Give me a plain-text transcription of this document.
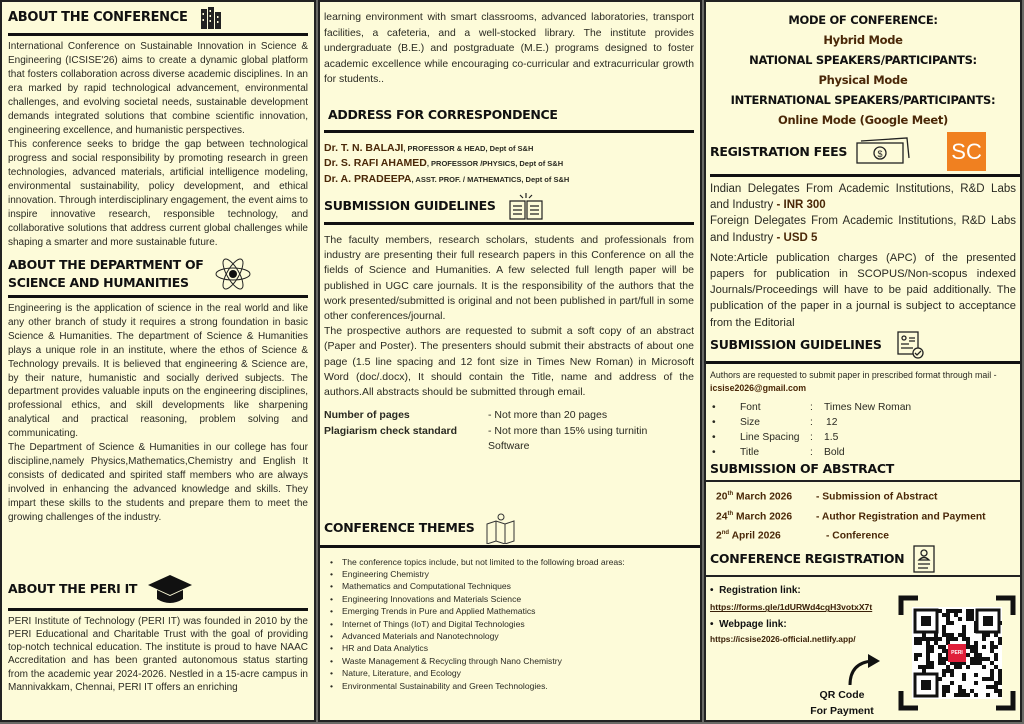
ABOUT THE CONFERENCE
International Conference on Sustainable Innovation in Science & Engineering (ICSISE'26) aims to create a dynamic global platform that fosters collaboration across diverse academic disciplines. In an era marked by rapid technological advancement, environmental challenges, and evolving societal needs, sustainable development demands integrated solutions that combine scientific innovation, engineering excellence, and humanistic perspectives.
This conference seeks to bridge the gap between technological progress and social responsibility by promoting research in green technologies, advanced materials, artificial intelligence modeling, environmental sustainability, policy development, and ethical innovation. Through interdisciplinary engagement, the event aims to inspire innovative research, responsible technology, and collaborative solutions that address current global challenges while shaping a smarter and more sustainable future.
ABOUT THE DEPARTMENT OF
SCIENCE AND HUMANITIES
Engineering is the application of science in the real world and like any other branch of study it requires a strong foundation in basic Science & Humanities. The department of Science & Humanities plays a unique role in an institute, where the ethos of Science & Technology prevails. It is believed that engineering & Science are, by their nature, humanistic and socially derived subjects. The department provides valuable inputs on the engineering disciplines, professional ethics, and skill developments like sharpening analytical and practical reasoning, problem solving and communicating.
The Department of Science & Humanities in our college has four discipline,namely Physics,Mathematics,Chemistry and English It consists of dedicated and spirited staff members who are always involved in enhancing the advanced knowledge and skills. They impart these skills to the students and prepare them to meet the growing challenges of the industry.
ABOUT THE PERI IT
PERI Institute of Technology (PERI IT) was founded in 2010 by the PERI Educational and Charitable Trust with the goal of providing top-notch technical education. The institute is proud to have NAAC Accreditation and has been granted autonomous status starting from the academic year 2024-2026. Nestled in a 15-acre campus in Mannivakkam, Chennai, PERI IT offers an enriching
learning environment with smart classrooms, advanced laboratories, transport facilities, a cafeteria, and a well-stocked library. The institute provides undergraduate (B.E.) and postgraduate (M.E.) programs designed to foster academic excellence while encouraging co-curricular and extracurricular growth for students..
ADDRESS FOR CORRESPONDENCE
Dr. T. N. BALAJI, PROFESSOR & HEAD, Dept of S&H
Dr. S. RAFI AHAMED, PROFESSOR /PHYSICS, Dept of S&H
Dr. A. PRADEEPA, ASST. PROF. / MATHEMATICS, Dept of S&H
SUBMISSION GUIDELINES
The faculty members, research scholars, students and professionals from industry are presenting their full research papers in this Conference on all the fields of Science and Humanities. A few selected full length paper will be published in UGC care journals. It is the responsibility of the authors that the work presented/submitted is original and not been published in part/full in some other conferences/journal.
The prospective authors are requested to submit a soft copy of an abstract (Paper and Poster). The presenters should submit their abstracts of about one page (1.5 line spacing and 12 font size in Times New Roman) in Microsoft Word (doc/.docx), It should contain the Title, name and address of the authors.All abstracts should be submitted through email.
Number of pages	- Not more than 20 pages
Plagiarism check standard	- Not more than 15% using turnitin Software
CONFERENCE THEMES
• The conference topics include, but not limited to the following broad areas:
• Engineering Chemistry
• Mathematics and Computational Techniques
• Engineering Innovations and Materials Science
• Emerging Trends in Pure and Applied Mathematics
• Internet of Things (IoT) and Digital Technologies
• Advanced Materials and Nanotechnology
• HR and Data Analytics
• Waste Management & Recycling through Nano Chemistry
• Nature, Literature, and Ecology
• Environmental Sustainability and Green Technologies.
MODE OF CONFERENCE:
Hybrid Mode
NATIONAL SPEAKERS/PARTICIPANTS:
Physical Mode
INTERNATIONAL SPEAKERS/PARTICIPANTS:
Online Mode (Google Meet)
REGISTRATION FEES	$	SC
Indian Delegates From Academic Institutions, R&D Labs and Industry - INR 300
Foreign Delegates From Academic Institutions, R&D Labs and Industry - USD 5
Note:Article publication charges (APC) of the presented papers for publication in SCOPUS/Non-scopus indexed Journals/Proceedings will have to be paid additionally. The publication of the paper in a journal is subject to acceptance from the Editorial
SUBMISSION GUIDELINES
Authors are requested to submit paper in prescribed format through mail - icsise2026@gmail.com
•	Font	:	Times New Roman
•	Size	:	12
•	Line Spacing	:	1.5
•	Title	:	Bold
SUBMISSION OF ABSTRACT
20th March 2026 - Submission of Abstract
24th March 2026 - Author Registration and Payment
2nd April 2026	- Conference
CONFERENCE REGISTRATION
•  Registration link:
https://forms.gle/1dURWd4cgH3votxX7t
•  Webpage link:
https://icsise2026-official.netlify.app/
QR Code
For Payment
PERI
